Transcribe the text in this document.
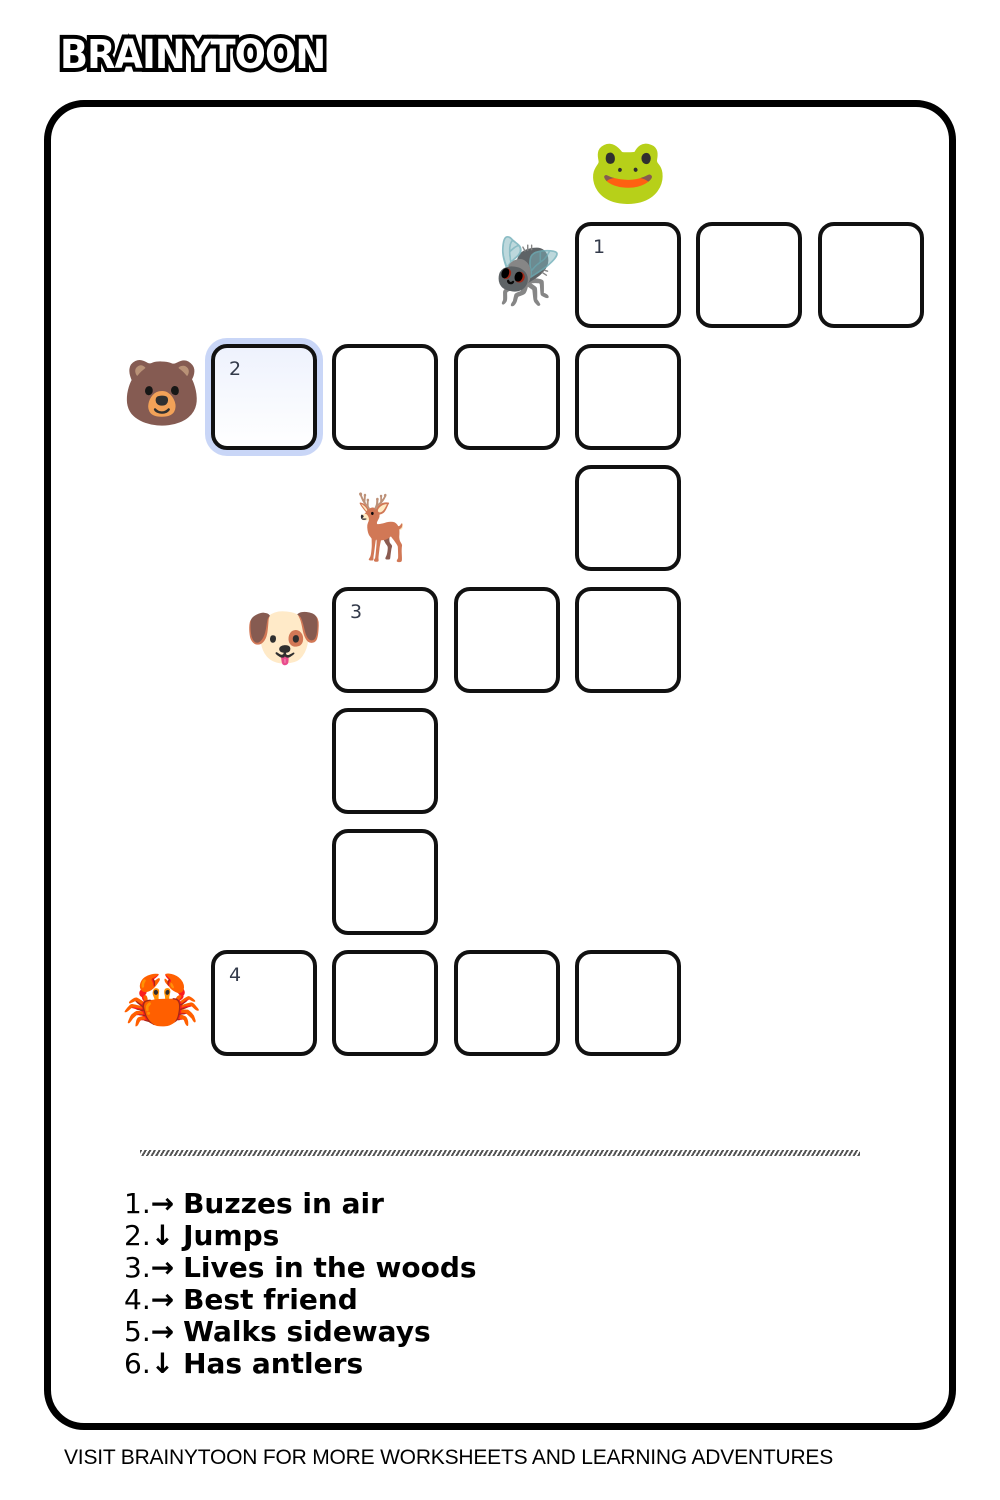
BRAINYTOON
🐸
🪰
🐻
🦌
🐶
🦀
1
2
3
4
1.→ Buzzes in air
2.↓ Jumps
3.→ Lives in the woods
4.→ Best friend
5.→ Walks sideways
6.↓ Has antlers
VISIT BRAINYTOON FOR MORE WORKSHEETS AND LEARNING ADVENTURES
